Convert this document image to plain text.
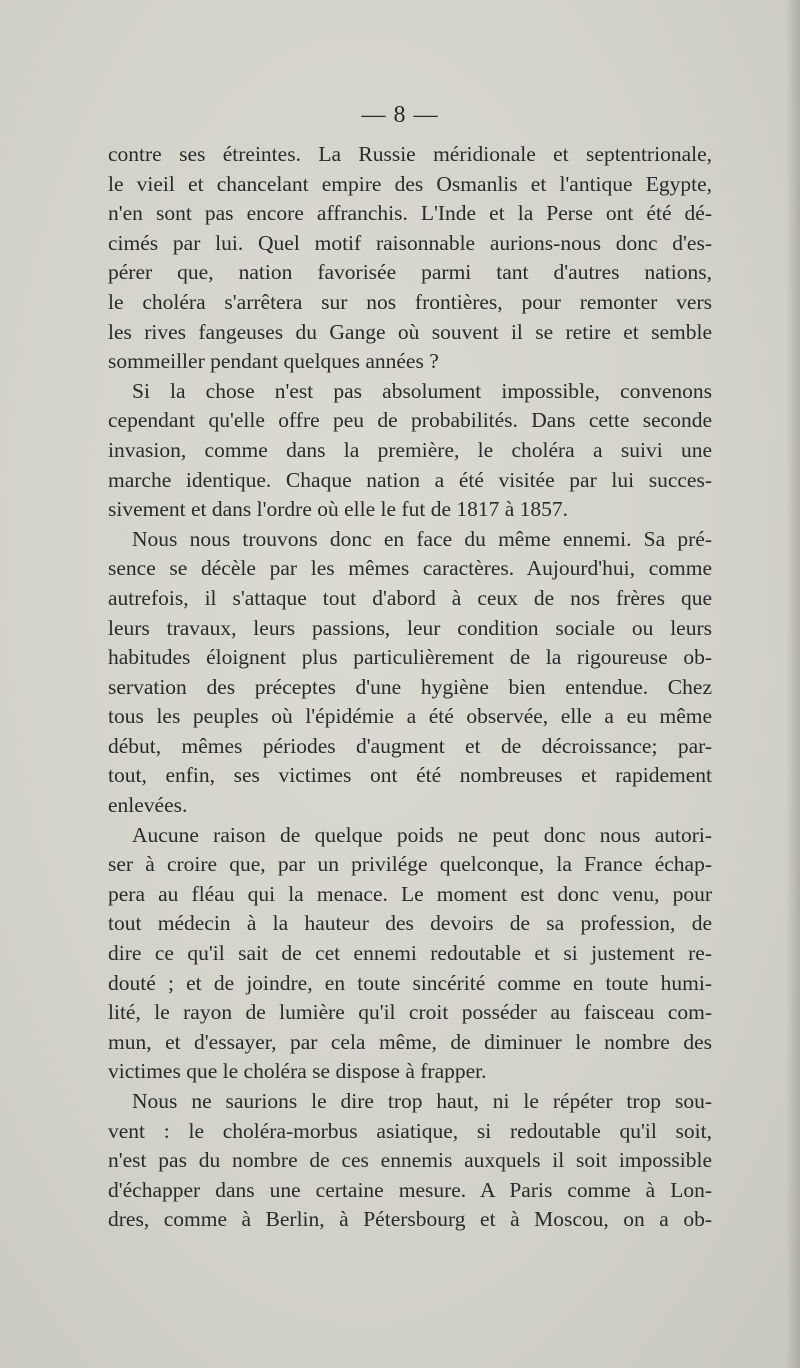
— 8 —
contre ses étreintes. La Russie méridionale et septentrionale,
le vieil et chancelant empire des Osmanlis et l'antique Egypte,
n'en sont pas encore affranchis. L'Inde et la Perse ont été dé-
cimés par lui. Quel motif raisonnable aurions-nous donc d'es-
pérer que, nation favorisée parmi tant d'autres nations,
le choléra s'arrêtera sur nos frontières, pour remonter vers
les rives fangeuses du Gange où souvent il se retire et semble
sommeiller pendant quelques années ?
Si la chose n'est pas absolument impossible, convenons
cependant qu'elle offre peu de probabilités. Dans cette seconde
invasion, comme dans la première, le choléra a suivi une
marche identique. Chaque nation a été visitée par lui succes-
sivement et dans l'ordre où elle le fut de 1817 à 1857.
Nous nous trouvons donc en face du même ennemi. Sa pré-
sence se décèle par les mêmes caractères. Aujourd'hui, comme
autrefois, il s'attaque tout d'abord à ceux de nos frères que
leurs travaux, leurs passions, leur condition sociale ou leurs
habitudes éloignent plus particulièrement de la rigoureuse ob-
servation des préceptes d'une hygiène bien entendue. Chez
tous les peuples où l'épidémie a été observée, elle a eu même
début, mêmes périodes d'augment et de décroissance; par-
tout, enfin, ses victimes ont été nombreuses et rapidement
enlevées.
Aucune raison de quelque poids ne peut donc nous autori-
ser à croire que, par un privilége quelconque, la France échap-
pera au fléau qui la menace. Le moment est donc venu, pour
tout médecin à la hauteur des devoirs de sa profession, de
dire ce qu'il sait de cet ennemi redoutable et si justement re-
douté ; et de joindre, en toute sincérité comme en toute humi-
lité, le rayon de lumière qu'il croit posséder au faisceau com-
mun, et d'essayer, par cela même, de diminuer le nombre des
victimes que le choléra se dispose à frapper.
Nous ne saurions le dire trop haut, ni le répéter trop sou-
vent : le choléra-morbus asiatique, si redoutable qu'il soit,
n'est pas du nombre de ces ennemis auxquels il soit impossible
d'échapper dans une certaine mesure. A Paris comme à Lon-
dres, comme à Berlin, à Pétersbourg et à Moscou, on a ob-
